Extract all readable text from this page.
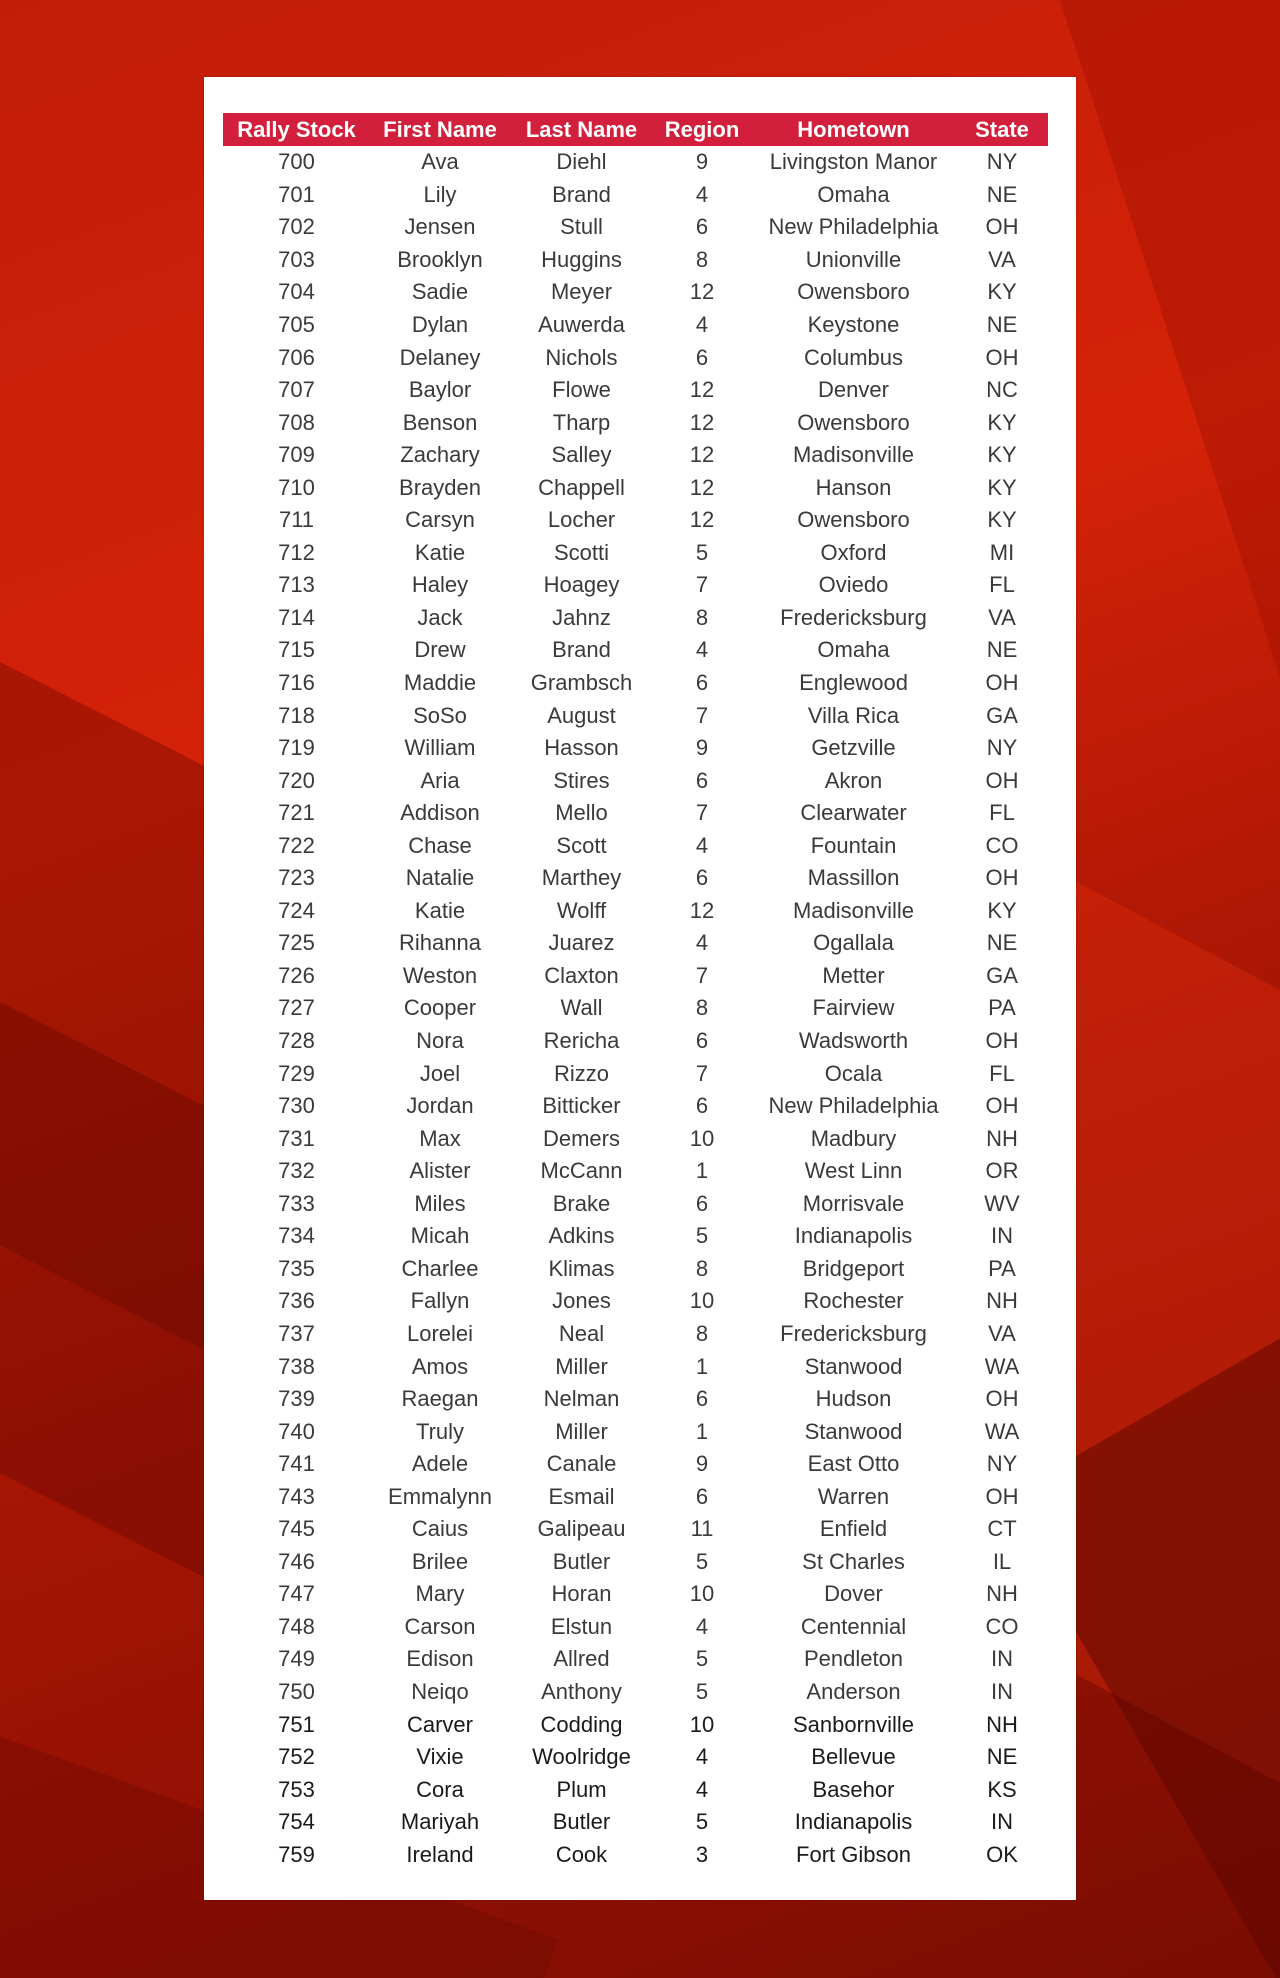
Rally Stock	First Name	Last Name	Region	Hometown	State
700	Ava	Diehl	9	Livingston Manor	NY
701	Lily	Brand	4	Omaha	NE
702	Jensen	Stull	6	New Philadelphia	OH
703	Brooklyn	Huggins	8	Unionville	VA
704	Sadie	Meyer	12	Owensboro	KY
705	Dylan	Auwerda	4	Keystone	NE
706	Delaney	Nichols	6	Columbus	OH
707	Baylor	Flowe	12	Denver	NC
708	Benson	Tharp	12	Owensboro	KY
709	Zachary	Salley	12	Madisonville	KY
710	Brayden	Chappell	12	Hanson	KY
711	Carsyn	Locher	12	Owensboro	KY
712	Katie	Scotti	5	Oxford	MI
713	Haley	Hoagey	7	Oviedo	FL
714	Jack	Jahnz	8	Fredericksburg	VA
715	Drew	Brand	4	Omaha	NE
716	Maddie	Grambsch	6	Englewood	OH
718	SoSo	August	7	Villa Rica	GA
719	William	Hasson	9	Getzville	NY
720	Aria	Stires	6	Akron	OH
721	Addison	Mello	7	Clearwater	FL
722	Chase	Scott	4	Fountain	CO
723	Natalie	Marthey	6	Massillon	OH
724	Katie	Wolff	12	Madisonville	KY
725	Rihanna	Juarez	4	Ogallala	NE
726	Weston	Claxton	7	Metter	GA
727	Cooper	Wall	8	Fairview	PA
728	Nora	Rericha	6	Wadsworth	OH
729	Joel	Rizzo	7	Ocala	FL
730	Jordan	Bitticker	6	New Philadelphia	OH
731	Max	Demers	10	Madbury	NH
732	Alister	McCann	1	West Linn	OR
733	Miles	Brake	6	Morrisvale	WV
734	Micah	Adkins	5	Indianapolis	IN
735	Charlee	Klimas	8	Bridgeport	PA
736	Fallyn	Jones	10	Rochester	NH
737	Lorelei	Neal	8	Fredericksburg	VA
738	Amos	Miller	1	Stanwood	WA
739	Raegan	Nelman	6	Hudson	OH
740	Truly	Miller	1	Stanwood	WA
741	Adele	Canale	9	East Otto	NY
743	Emmalynn	Esmail	6	Warren	OH
745	Caius	Galipeau	11	Enfield	CT
746	Brilee	Butler	5	St Charles	IL
747	Mary	Horan	10	Dover	NH
748	Carson	Elstun	4	Centennial	CO
749	Edison	Allred	5	Pendleton	IN
750	Neiqo	Anthony	5	Anderson	IN
751	Carver	Codding	10	Sanbornville	NH
752	Vixie	Woolridge	4	Bellevue	NE
753	Cora	Plum	4	Basehor	KS
754	Mariyah	Butler	5	Indianapolis	IN
759	Ireland	Cook	3	Fort Gibson	OK
